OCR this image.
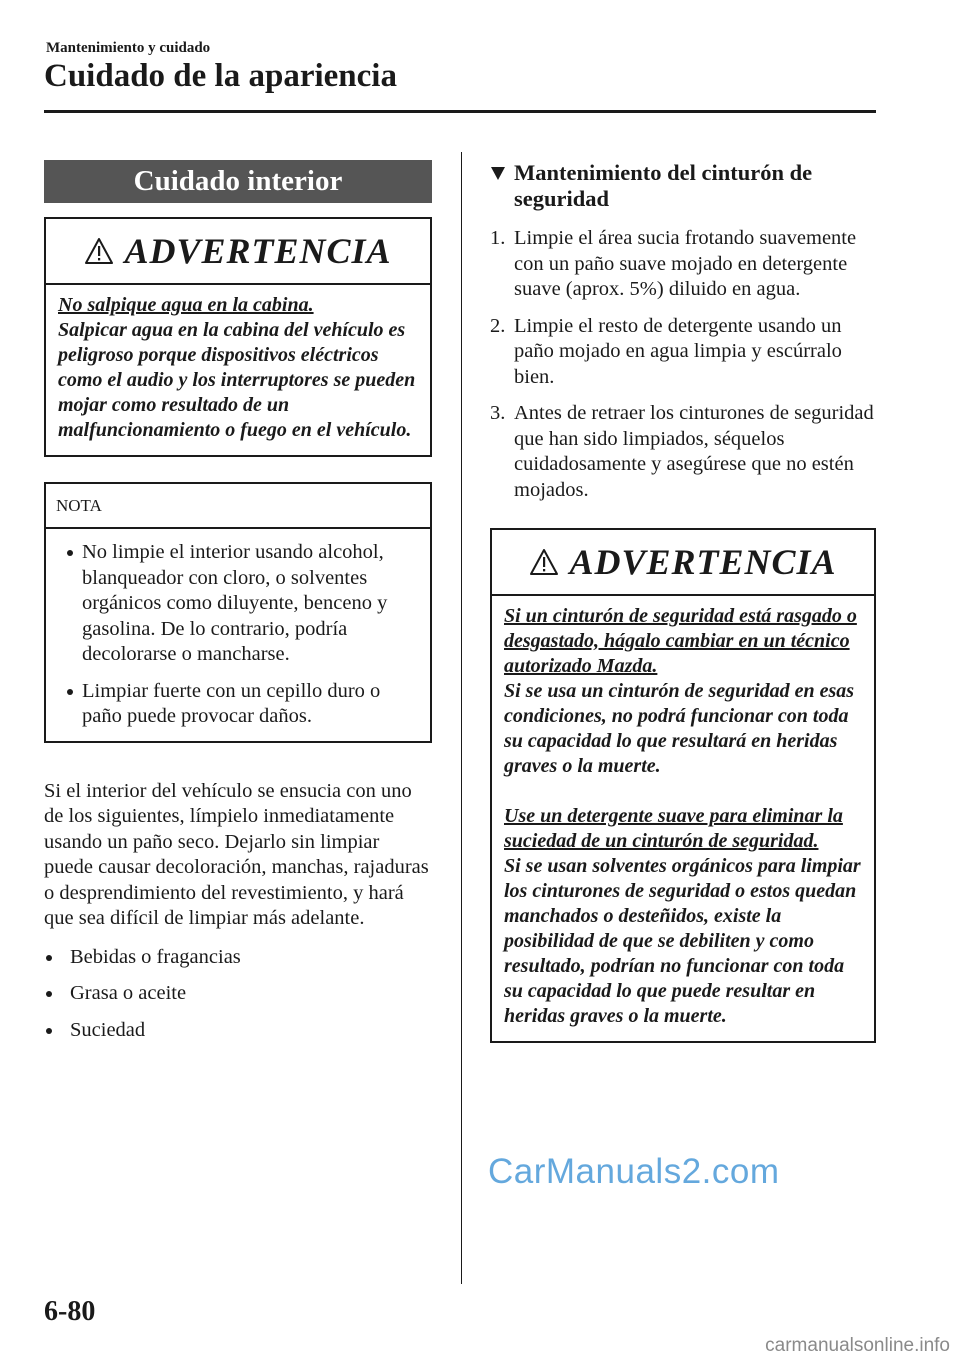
Mantenimiento y cuidado
Cuidado de la apariencia
Cuidado interior
ADVERTENCIA
No salpique agua en la cabina.
Salpicar agua en la cabina del vehículo es peligroso porque dispositivos eléctricos como el audio y los interruptores se pueden mojar como resultado de un malfuncionamiento o fuego en el vehículo.
NOTA
No limpie el interior usando alcohol, blanqueador con cloro, o solventes orgánicos como diluyente, benceno y gasolina. De lo contrario, podría decolorarse o mancharse.
Limpiar fuerte con un cepillo duro o paño puede provocar daños.
Si el interior del vehículo se ensucia con uno de los siguientes, límpielo inmediatamente usando un paño seco. Dejarlo sin limpiar puede causar decoloración, manchas, rajaduras o desprendimiento del revestimiento, y hará que sea difícil de limpiar más adelante.
Bebidas o fragancias
Grasa o aceite
Suciedad
Mantenimiento del cinturón de seguridad
1. Limpie el área sucia frotando suavemente con un paño suave mojado en detergente suave (aprox. 5%) diluido en agua.
2. Limpie el resto de detergente usando un paño mojado en agua limpia y escúrralo bien.
3. Antes de retraer los cinturones de seguridad que han sido limpiados, séquelos cuidadosamente y asegúrese que no estén mojados.
ADVERTENCIA
Si un cinturón de seguridad está rasgado o desgastado, hágalo cambiar en un técnico autorizado Mazda.
Si se usa un cinturón de seguridad en esas condiciones, no podrá funcionar con toda su capacidad lo que resultará en heridas graves o la muerte.
Use un detergente suave para eliminar la suciedad de un cinturón de seguridad.
Si se usan solventes orgánicos para limpiar los cinturones de seguridad o estos quedan manchados o desteñidos, existe la posibilidad de que se debiliten y como resultado, podrían no funcionar con toda su capacidad lo que puede resultar en heridas graves o la muerte.
CarManuals2.com
6-80
carmanualsonline.info
